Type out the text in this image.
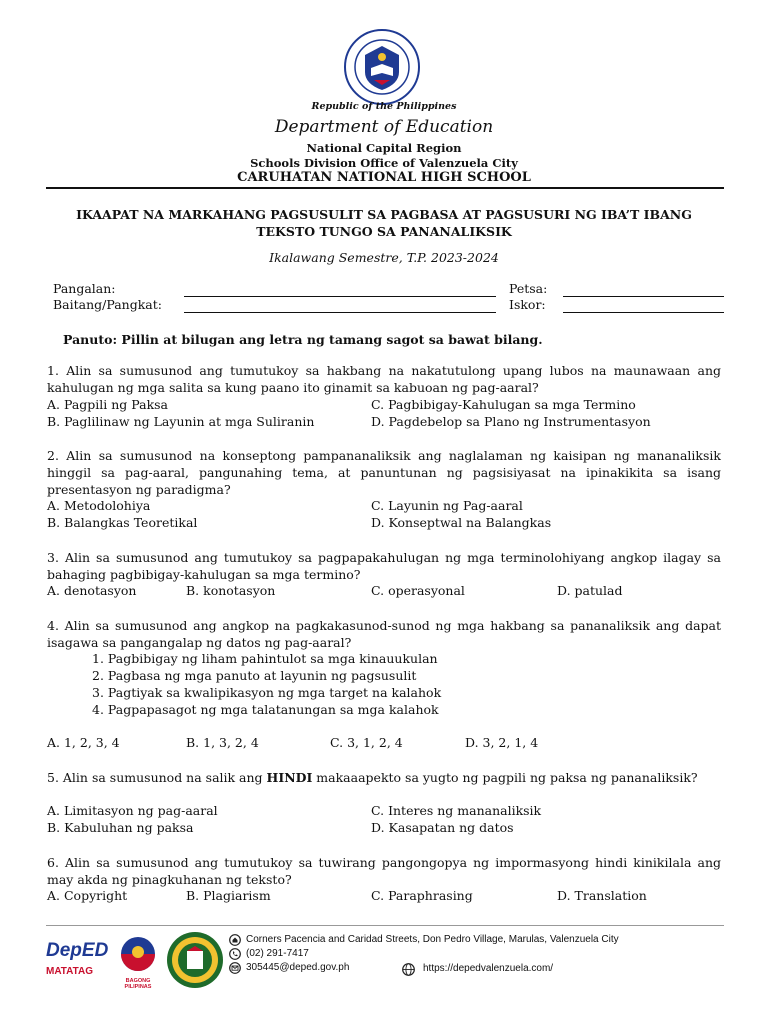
Republic of the Philippines
Department of Education
National Capital Region
Schools Division Office of Valenzuela City
CARUHATAN NATIONAL HIGH SCHOOL
IKAAPAT NA MARKAHANG PAGSUSULIT SA PAGBASA AT PAGSUSURI NG IBA’T IBANG
TEKSTO TUNGO SA PANANALIKSIK
Ikalawang Semestre, T.P. 2023-2024
Pangalan:	Petsa:
Baitang/Pangkat:	Iskor:
Panuto: Pillin at bilugan ang letra ng tamang sagot sa bawat bilang.
1. Alin sa sumusunod ang tumutukoy sa hakbang na nakatutulong upang lubos na maunawaan ang kahulugan ng mga salita sa kung paano ito ginamit sa kabuoan ng pag-aaral?
A. Pagpili ng Paksa	C. Pagbibigay-Kahulugan sa mga Termino
B. Paglilinaw ng Layunin at mga Suliranin	D. Pagdebelop sa Plano ng Instrumentasyon
2. Alin sa sumusunod na konseptong pampananaliksik ang naglalaman ng kaisipan ng mananaliksik hinggil sa pag-aaral, pangunahing tema, at panuntunan ng pagsisiyasat na ipinakikita sa isang presentasyon ng paradigma?
A. Metodolohiya	C. Layunin ng Pag-aaral
B. Balangkas Teoretikal	D. Konseptwal na Balangkas
3. Alin sa sumusunod ang tumutukoy sa pagpapakahulugan ng mga terminolohiyang angkop ilagay sa bahaging pagbibigay-kahulugan sa mga termino?
A. denotasyon	B. konotasyon	C. operasyonal	D. patulad
4. Alin sa sumusunod ang angkop na pagkakasunod-sunod ng mga hakbang sa pananaliksik ang dapat isagawa sa pangangalap ng datos ng pag-aaral?
1. Pagbibigay ng liham pahintulot sa mga kinauukulan
2. Pagbasa ng mga panuto at layunin ng pagsusulit
3. Pagtiyak sa kwalipikasyon ng mga target na kalahok
4. Pagpapasagot ng mga talatanungan sa mga kalahok
A. 1, 2, 3, 4	B. 1, 3, 2, 4	C. 3, 1, 2, 4	D. 3, 2, 1, 4
5. Alin sa sumusunod na salik ang HINDI makaaapekto sa yugto ng pagpili ng paksa ng pananaliksik?
A. Limitasyon ng pag-aaral	C. Interes ng mananaliksik
B. Kabuluhan ng paksa	D. Kasapatan ng datos
6. Alin sa sumusunod ang tumutukoy sa tuwirang pangongopya ng impormasyong hindi kinikilala ang may akda ng pinagkuhanan ng teksto?
A. Copyright	B. Plagiarism	C. Paraphrasing	D. Translation
DepED
MATATAG
BAGONG PILIPINAS
Corners Pacencia and Caridad Streets, Don Pedro Village, Marulas, Valenzuela City
(02) 291-7417
305445@deped.gov.ph	https://depedvalenzuela.com/
